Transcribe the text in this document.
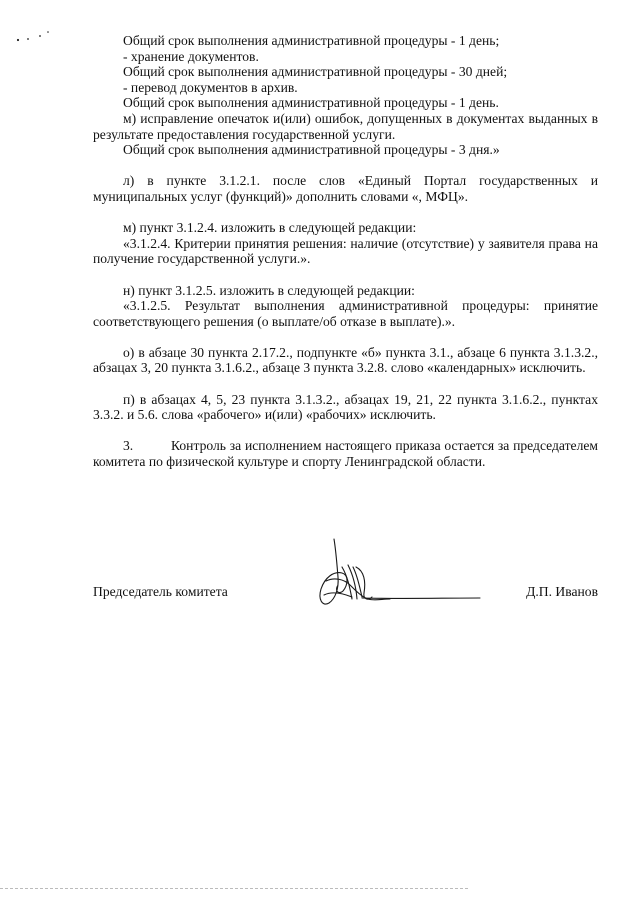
Общий срок выполнения административной процедуры - 1 день;

- хранение документов.

Общий срок выполнения административной процедуры - 30 дней;

- перевод документов в архив.

Общий срок выполнения административной процедуры - 1 день.

м) исправление опечаток и(или) ошибок, допущенных в документах выданных в результате предоставления государственной услуги.

Общий срок выполнения административной процедуры - 3 дня.»

л) в пункте 3.1.2.1. после слов «Единый Портал государственных и муниципальных услуг (функций)» дополнить словами «, МФЦ».

м) пункт 3.1.2.4. изложить в следующей редакции:

«3.1.2.4. Критерии принятия решения: наличие (отсутствие) у заявителя права на получение государственной услуги.».

н) пункт 3.1.2.5. изложить в следующей редакции:

«3.1.2.5. Результат выполнения административной процедуры: принятие соответствующего решения (о выплате/об отказе в выплате).».

о) в абзаце 30 пункта 2.17.2., подпункте «б» пункта 3.1., абзаце 6 пункта 3.1.3.2., абзацах 3, 20 пункта 3.1.6.2., абзаце 3 пункта 3.2.8. слово «календарных» исключить.

п) в абзацах 4, 5, 23 пункта 3.1.3.2., абзацах 19, 21, 22 пункта 3.1.6.2., пунктах 3.3.2. и 5.6. слова «рабочего» и(или) «рабочих» исключить.

3.	Контроль за исполнением настоящего приказа остается за председателем комитета по физической культуре и спорту Ленинградской области.

Председатель комитета	Д.П. Иванов
